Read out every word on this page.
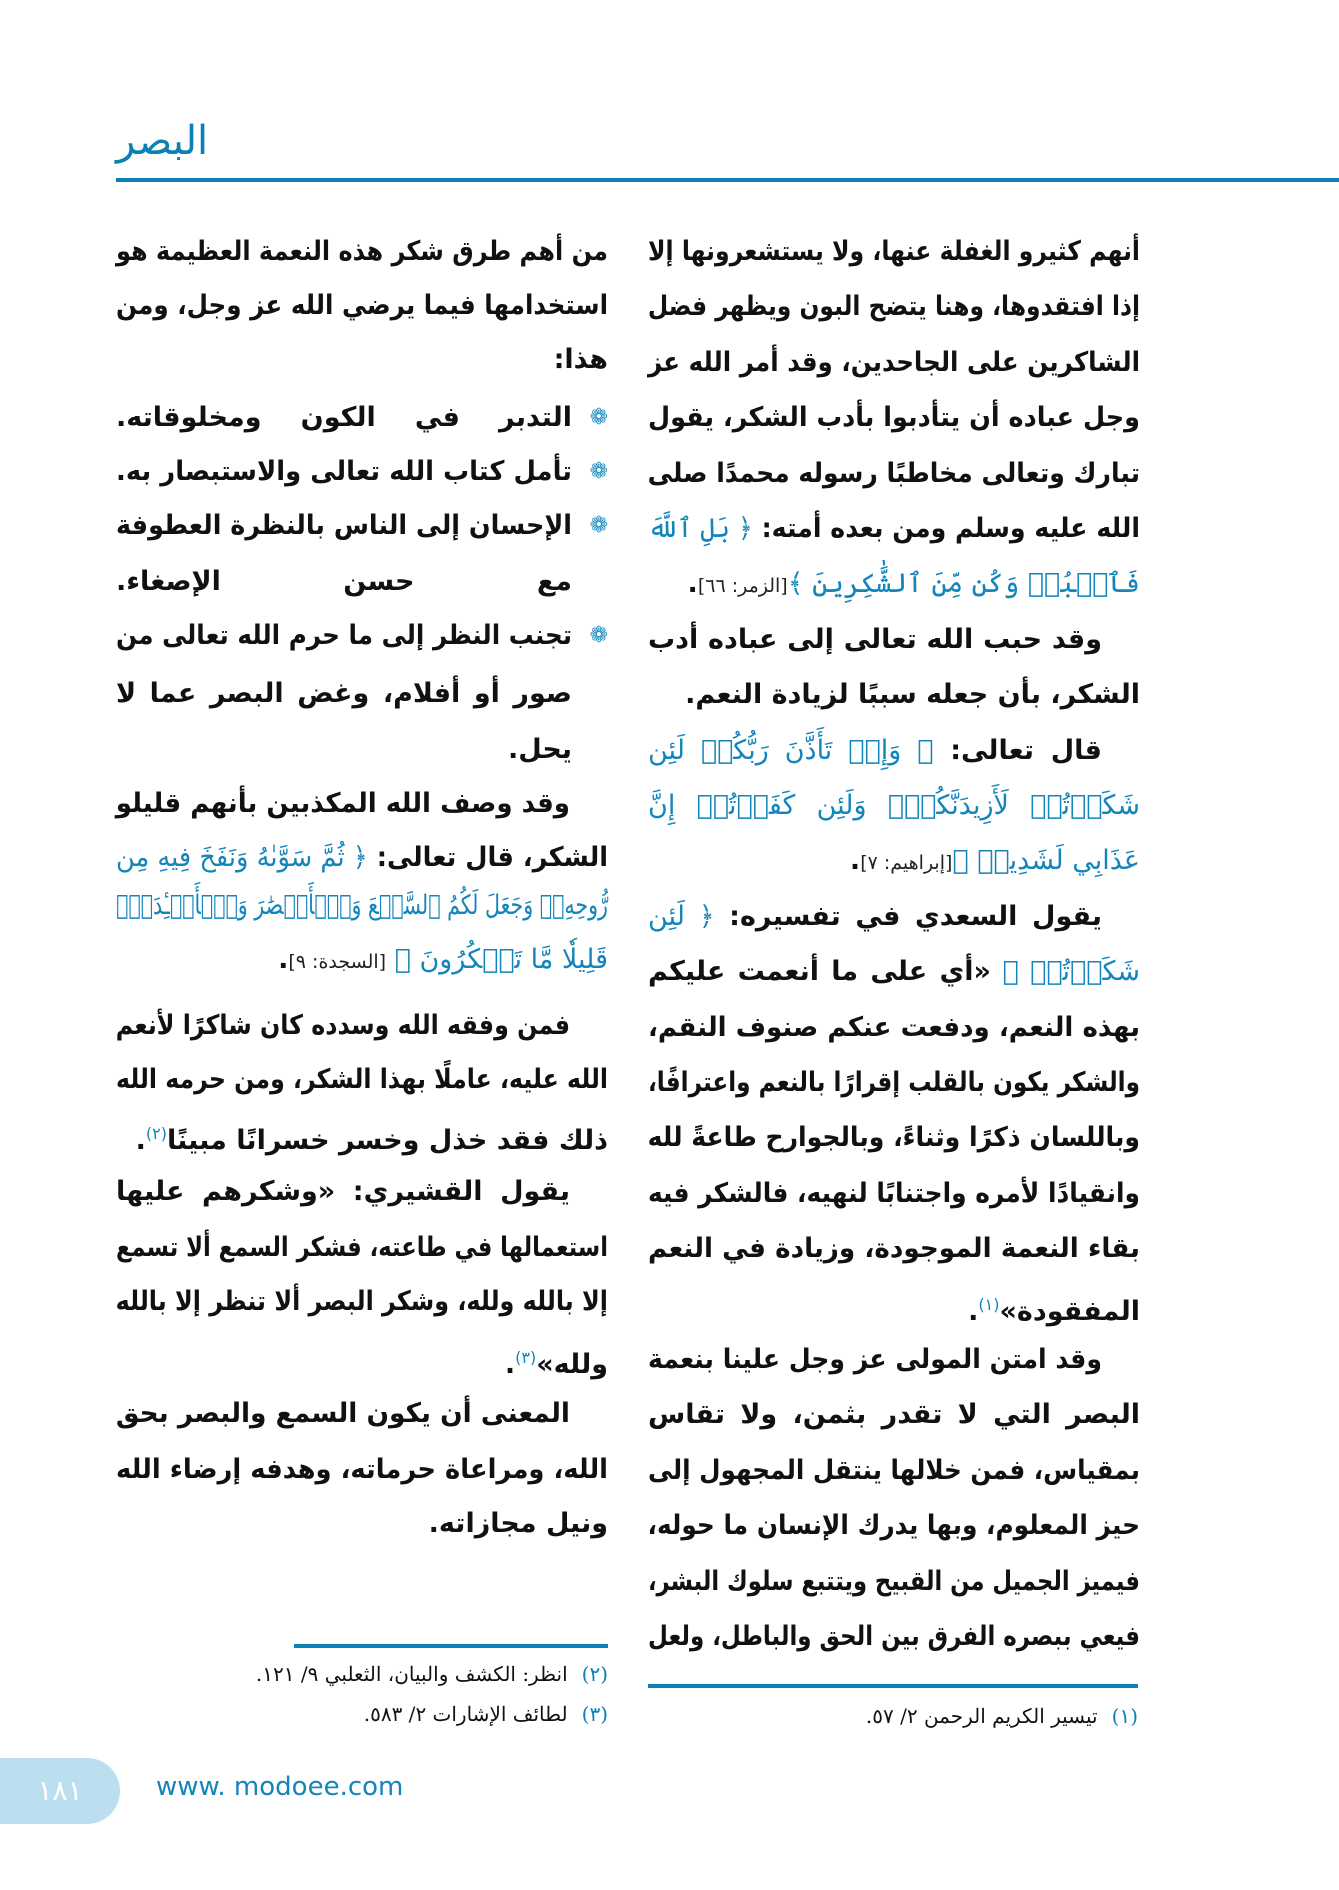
البصر
أنهم كثيرو الغفلة عنها، ولا يستشعرونها إلا
إذا افتقدوها، وهنا يتضح البون ويظهر فضل
الشاكرين على الجاحدين، وقد أمر الله عز
وجل عباده أن يتأدبوا بأدب الشكر، يقول
تبارك وتعالى مخاطبًا رسوله محمدًا صلى
الله عليه وسلم ومن بعده أمته: ﴿ بَلِ ٱللَّهَ
فَٱعۡبُدۡ وَكُن مِّنَ ٱلشَّٰكِرِينَ ﴾[الزمر: ٦٦].
وقد حبب الله تعالى إلى عباده أدب
الشكر، بأن جعله سببًا لزيادة النعم.
قال تعالى: ﴿ وَإِذۡ تَأَذَّنَ رَبُّكُمۡ لَئِن
شَكَرۡتُمۡ لَأَزِيدَنَّكُمۡۖ وَلَئِن كَفَرۡتُمۡ إِنَّ
عَذَابِي لَشَدِيدٞ ﴾[إبراهيم: ٧].
يقول السعدي في تفسيره: ﴿ لَئِن
شَكَرۡتُمۡ ﴾ «أي على ما أنعمت عليكم
بهذه النعم، ودفعت عنكم صنوف النقم،
والشكر يكون بالقلب إقرارًا بالنعم واعترافًا،
وباللسان ذكرًا وثناءً، وبالجوارح طاعةً لله
وانقيادًا لأمره واجتنابًا لنهيه، فالشكر فيه
بقاء النعمة الموجودة، وزيادة في النعم
المفقودة»$^{(١)}$.
وقد امتن المولى عز وجل علينا بنعمة
البصر التي لا تقدر بثمن، ولا تقاس
بمقياس، فمن خلالها ينتقل المجهول إلى
حيز المعلوم، وبها يدرك الإنسان ما حوله،
فيميز الجميل من القبيح ويتتبع سلوك البشر،
فيعي ببصره الفرق بين الحق والباطل، ولعل
من أهم طرق شكر هذه النعمة العظيمة هو
استخدامها فيما يرضي الله عز وجل، ومن
هذا:
❁
التدبر في الكون ومخلوقاته.
❁
تأمل كتاب الله تعالى والاستبصار به.
❁
الإحسان إلى الناس بالنظرة العطوفة
مع حسن الإصغاء.
❁
تجنب النظر إلى ما حرم الله تعالى من
صور أو أفلام، وغض البصر عما لا
يحل.
وقد وصف الله المكذبين بأنهم قليلو
الشكر، قال تعالى: ﴿ ثُمَّ سَوَّىٰهُ وَنَفَخَ فِيهِ مِن
رُّوحِهِۦۖ وَجَعَلَ لَكُمُ ٱلسَّمۡعَ وَٱلۡأَبۡصَٰرَ وَٱلۡأَفۡـِٔدَةَۚ
قَلِيلٗا مَّا تَشۡكُرُونَ ﴾ [السجدة: ٩].
فمن وفقه الله وسدده كان شاكرًا لأنعم
الله عليه، عاملًا بهذا الشكر، ومن حرمه الله
ذلك فقد خذل وخسر خسرانًا مبينًا$^{(٢)}$.
يقول القشيري: «وشكرهم عليها
استعمالها في طاعته، فشكر السمع ألا تسمع
إلا بالله ولله، وشكر البصر ألا تنظر إلا بالله
ولله»$^{(٣)}$.
المعنى أن يكون السمع والبصر بحق
الله، ومراعاة حرماته، وهدفه إرضاء الله
ونيل مجازاته.
(٢)انظر: الكشف والبيان، الثعلبي ٩/ ١٢١.
(٣)لطائف الإشارات ٢/ ٥٨٣.	(١)تيسير الكريم الرحمن ٢/ ٥٧.
١٨١	www. modoee.com
